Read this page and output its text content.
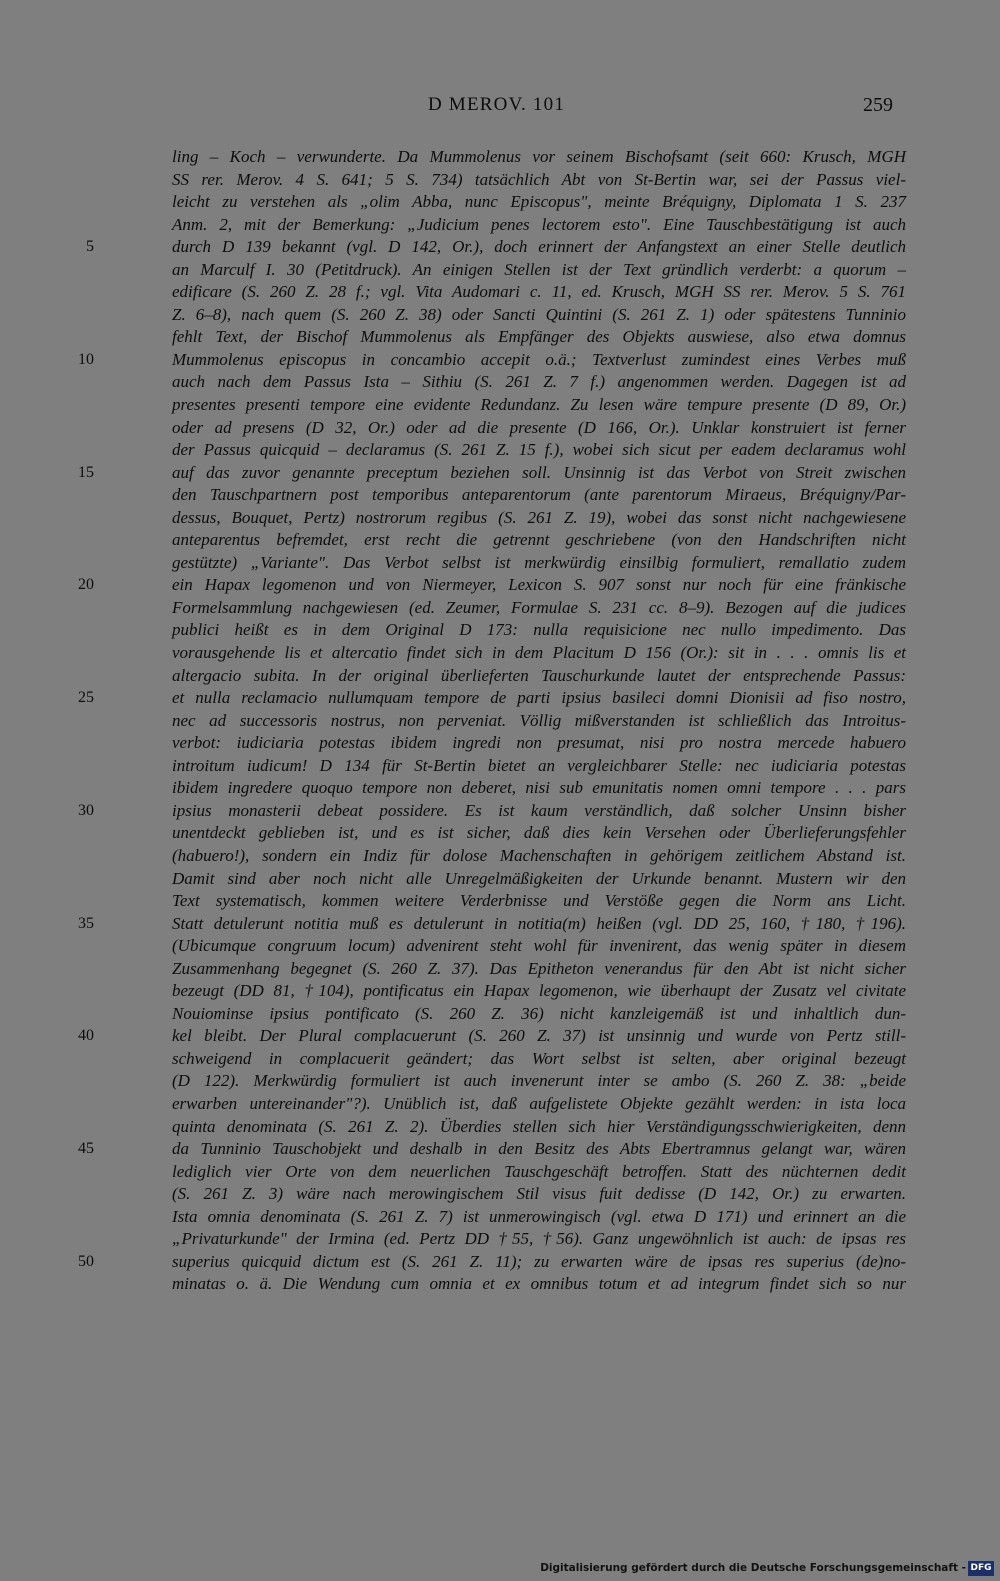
D MEROV. 101	259
5
10
15
20
25
30
35
40
45
50
ling – Koch – verwunderte. Da Mummolenus vor seinem Bischofsamt (seit 660: Krusch, MGH
SS rer. Merov. 4 S. 641; 5 S. 734) tatsächlich Abt von St-Bertin war, sei der Passus viel-
leicht zu verstehen als „olim Abba, nunc Episcopus", meinte Bréquigny, Diplomata 1 S. 237
Anm. 2, mit der Bemerkung: „Judicium penes lectorem esto". Eine Tauschbestätigung ist auch
durch D 139 bekannt (vgl. D 142, Or.), doch erinnert der Anfangstext an einer Stelle deutlich
an Marculf I. 30 (Petitdruck). An einigen Stellen ist der Text gründlich verderbt: a quorum –
edificare (S. 260 Z. 28 f.; vgl. Vita Audomari c. 11, ed. Krusch, MGH SS rer. Merov. 5 S. 761
Z. 6–8), nach quem (S. 260 Z. 38) oder Sancti Quintini (S. 261 Z. 1) oder spätestens Tunninio
fehlt Text, der Bischof Mummolenus als Empfänger des Objekts auswiese, also etwa domnus
Mummolenus episcopus in concambio accepit o.ä.; Textverlust zumindest eines Verbes muß
auch nach dem Passus Ista – Sithiu (S. 261 Z. 7 f.) angenommen werden. Dagegen ist ad
presentes presenti tempore eine evidente Redundanz. Zu lesen wäre tempure presente (D 89, Or.)
oder ad presens (D 32, Or.) oder ad die presente (D 166, Or.). Unklar konstruiert ist ferner
der Passus quicquid – declaramus (S. 261 Z. 15 f.), wobei sich sicut per eadem declaramus wohl
auf das zuvor genannte preceptum beziehen soll. Unsinnig ist das Verbot von Streit zwischen
den Tauschpartnern post temporibus anteparentorum (ante parentorum Miraeus, Bréquigny/Par-
dessus, Bouquet, Pertz) nostrorum regibus (S. 261 Z. 19), wobei das sonst nicht nachgewiesene
anteparentus befremdet, erst recht die getrennt geschriebene (von den Handschriften nicht
gestützte) „Variante". Das Verbot selbst ist merkwürdig einsilbig formuliert, remallatio zudem
ein Hapax legomenon und von Niermeyer, Lexicon S. 907 sonst nur noch für eine fränkische
Formelsammlung nachgewiesen (ed. Zeumer, Formulae S. 231 cc. 8–9). Bezogen auf die judices
publici heißt es in dem Original D 173: nulla requisicione nec nullo impedimento. Das
vorausgehende lis et altercatio findet sich in dem Placitum D 156 (Or.): sit in . . . omnis lis et
altergacio subita. In der original überlieferten Tauschurkunde lautet der entsprechende Passus:
et nulla reclamacio nullumquam tempore de parti ipsius basileci domni Dionisii ad fiso nostro,
nec ad successoris nostrus, non perveniat. Völlig mißverstanden ist schließlich das Introitus-
verbot: iudiciaria potestas ibidem ingredi non presumat, nisi pro nostra mercede habuero
introitum iudicum! D 134 für St-Bertin bietet an vergleichbarer Stelle: nec iudiciaria potestas
ibidem ingredere quoquo tempore non deberet, nisi sub emunitatis nomen omni tempore . . . pars
ipsius monasterii debeat possidere. Es ist kaum verständlich, daß solcher Unsinn bisher
unentdeckt geblieben ist, und es ist sicher, daß dies kein Versehen oder Überlieferungsfehler
(habuero!), sondern ein Indiz für dolose Machenschaften in gehörigem zeitlichem Abstand ist.
Damit sind aber noch nicht alle Unregelmäßigkeiten der Urkunde benannt. Mustern wir den
Text systematisch, kommen weitere Verderbnisse und Verstöße gegen die Norm ans Licht.
Statt detulerunt notitia muß es detulerunt in notitia(m) heißen (vgl. DD 25, 160, †180, †196).
(Ubicumque congruum locum) advenirent steht wohl für invenirent, das wenig später in diesem
Zusammenhang begegnet (S. 260 Z. 37). Das Epitheton venerandus für den Abt ist nicht sicher
bezeugt (DD 81, †104), pontificatus ein Hapax legomenon, wie überhaupt der Zusatz vel civitate
Nouiominse ipsius pontificato (S. 260 Z. 36) nicht kanzleigemäß ist und inhaltlich dun-
kel bleibt. Der Plural complacuerunt (S. 260 Z. 37) ist unsinnig und wurde von Pertz still-
schweigend in complacuerit geändert; das Wort selbst ist selten, aber original bezeugt
(D 122). Merkwürdig formuliert ist auch invenerunt inter se ambo (S. 260 Z. 38: „beide
erwarben untereinander"?). Unüblich ist, daß aufgelistete Objekte gezählt werden: in ista loca
quinta denominata (S. 261 Z. 2). Überdies stellen sich hier Verständigungsschwierigkeiten, denn
da Tunninio Tauschobjekt und deshalb in den Besitz des Abts Ebertramnus gelangt war, wären
lediglich vier Orte von dem neuerlichen Tauschgeschäft betroffen. Statt des nüchternen dedit
(S. 261 Z. 3) wäre nach merowingischem Stil visus fuit dedisse (D 142, Or.) zu erwarten.
Ista omnia denominata (S. 261 Z. 7) ist unmerowingisch (vgl. etwa D 171) und erinnert an die
„Privaturkunde" der Irmina (ed. Pertz DD †55, †56). Ganz ungewöhnlich ist auch: de ipsas res
superius quicquid dictum est (S. 261 Z. 11); zu erwarten wäre de ipsas res superius (de)no-
minatas o. ä. Die Wendung cum omnia et ex omnibus totum et ad integrum findet sich so nur
Digitalisierung gefördert durch die Deutsche Forschungsgemeinschaft - DFG
